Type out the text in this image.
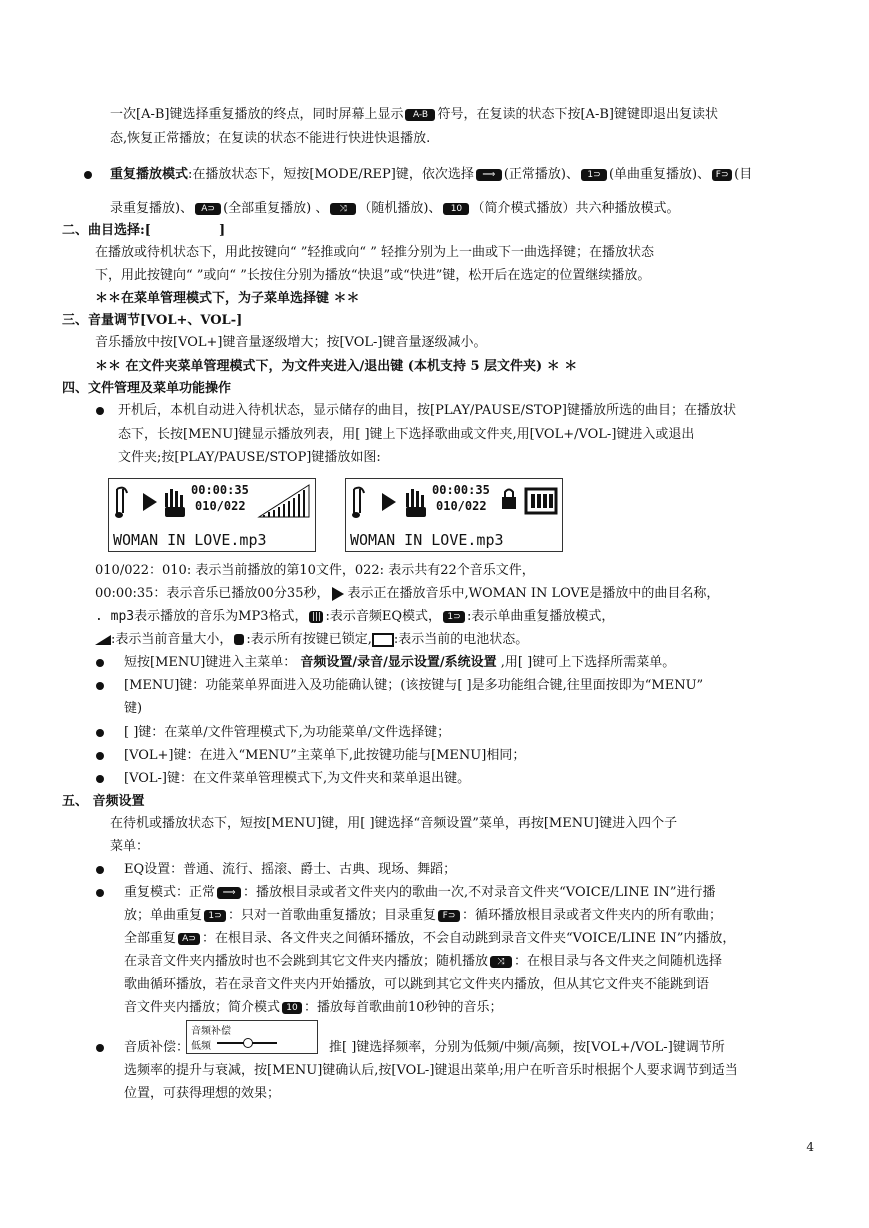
一次[A-B]键选择重复播放的终点，同时屏幕上显示 A-B 符号，在复读的状态下按[A-B]键键即退出复读状
态,恢复正常播放；在复读的状态不能进行快进快退播放.
重复播放模式:在播放状态下，短按[MODE/REP]键，依次选择 ⟹ (正常播放)、 1⊃ (单曲重复播放)、 F⊃ (目
录重复播放)、 A⊃ (全部重复播放) 、 ⤨ （随机播放)、 10 （简介模式播放）共六种播放模式。
二、曲目选择:[	]
在播放或待机状态下，用此按键向“ ”轻推或向“ ” 轻推分别为上一曲或下一曲选择键；在播放状态
下，用此按键向“ ”或向“ ”长按住分别为播放“快退”或“快进”键，松开后在选定的位置继续播放。
＊＊在菜单管理模式下，为子菜单选择键 ＊＊
三、音量调节[VOL+、VOL-]
音乐播放中按[VOL+]键音量逐级增大；按[VOL-]键音量逐级减小。
＊＊ 在文件夹菜单管理模式下，为文件夹进入/退出键 (本机支持 5 层文件夹) ＊ ＊
四、文件管理及菜单功能操作
开机后，本机自动进入待机状态，显示储存的曲目，按[PLAY/PAUSE/STOP]键播放所选的曲目；在播放状
态下，长按[MENU]键显示播放列表，用[ ]键上下选择歌曲或文件夹,用[VOL+/VOL-]键进入或退出
文件夹;按[PLAY/PAUSE/STOP]键播放如图:
00:00:35
010/022
WOMAN IN LOVE.mp3
00:00:35
010/022
WOMAN IN LOVE.mp3
010/022：010: 表示当前播放的第10文件，022: 表示共有22个音乐文件，
00:00:35：表示音乐已播放00分35秒， 表示正在播放音乐中,WOMAN IN LOVE是播放中的曲目名称，
. mp3表示播放的音乐为MP3格式， ||| :表示音频EQ模式， 1⊃ :表示单曲重复播放模式，
:表示当前音量大小， :表示所有按键已锁定, :表示当前的电池状态。
短按[MENU]键进入主菜单： 音频设置/录音/显示设置/系统设置 ,用[ ]键可上下选择所需菜单。
[MENU]键：功能菜单界面进入及功能确认键；(该按键与[ ]是多功能组合键,往里面按即为“MENU”
键)
[ ]键：在菜单/文件管理模式下,为功能菜单/文件选择键；
[VOL+]键：在进入“MENU”主菜单下,此按键功能与[MENU]相同；
[VOL-]键：在文件菜单管理模式下,为文件夹和菜单退出键。
五、 音频设置
在待机或播放状态下，短按[MENU]键，用[ ]键选择“音频设置”菜单，再按[MENU]键进入四个子
菜单：
EQ设置：普通、流行、摇滚、爵士、古典、现场、舞蹈；
重复模式：正常 ⟹ ：播放根目录或者文件夹内的歌曲一次,不对录音文件夹“VOICE/LINE IN”进行播
放；单曲重复 1⊃ ：只对一首歌曲重复播放；目录重复 F⊃ ：循环播放根目录或者文件夹内的所有歌曲；
全部重复 A⊃ ：在根目录、各文件夹之间循环播放，不会自动跳到录音文件夹“VOICE/LINE IN”内播放，
在录音文件夹内播放时也不会跳到其它文件夹内播放；随机播放 ⤨ ：在根目录与各文件夹之间随机选择
歌曲循环播放，若在录音文件夹内开始播放，可以跳到其它文件夹内播放，但从其它文件夹不能跳到语
音文件夹内播放；简介模式 10 ：播放每首歌曲前10秒钟的音乐；
音频补偿
低频
音质补偿：	推[ ]键选择频率，分别为低频/中频/高频，按[VOL+/VOL-]键调节所
选频率的提升与衰减，按[MENU]键确认后,按[VOL-]键退出菜单;用户在听音乐时根据个人要求调节到适当
位置，可获得理想的效果；
4
